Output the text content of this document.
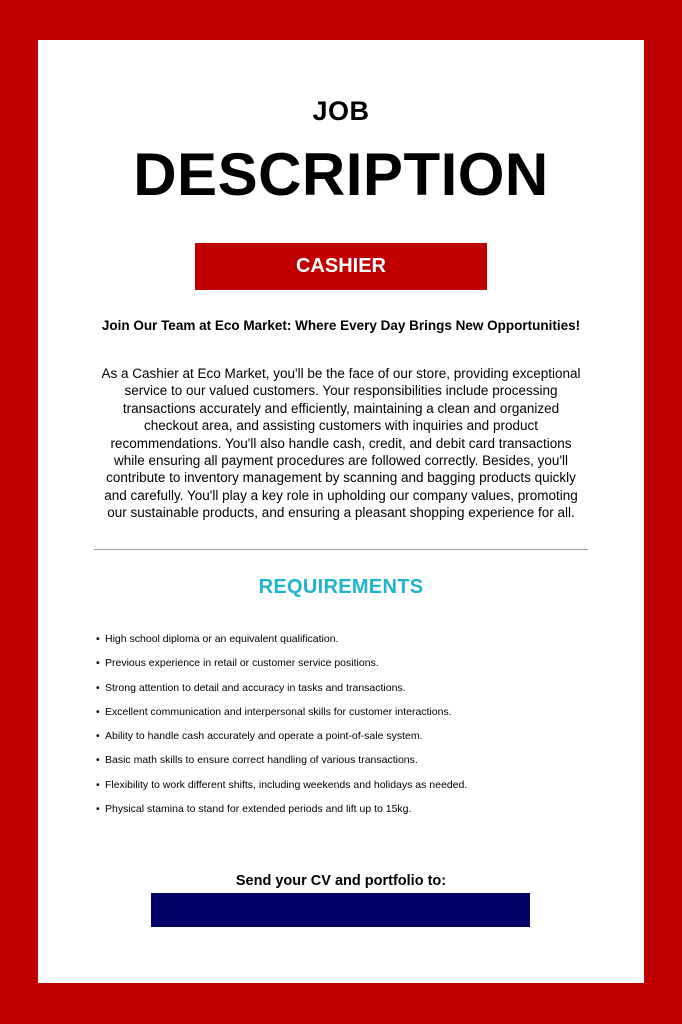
JOB
DESCRIPTION
CASHIER
Join Our Team at Eco Market: Where Every Day Brings New Opportunities!

As a Cashier at Eco Market, you'll be the face of our store, providing exceptional service to our valued customers. Your responsibilities include processing transactions accurately and efficiently, maintaining a clean and organized checkout area, and assisting customers with inquiries and product recommendations. You'll also handle cash, credit, and debit card transactions while ensuring all payment procedures are followed correctly. Besides, you'll contribute to inventory management by scanning and bagging products quickly and carefully. You'll play a key role in upholding our company values, promoting our sustainable products, and ensuring a pleasant shopping experience for all.

REQUIREMENTS
• High school diploma or an equivalent qualification.
• Previous experience in retail or customer service positions.
• Strong attention to detail and accuracy in tasks and transactions.
• Excellent communication and interpersonal skills for customer interactions.
• Ability to handle cash accurately and operate a point-of-sale system.
• Basic math skills to ensure correct handling of various transactions.
• Flexibility to work different shifts, including weekends and holidays as needed.
• Physical stamina to stand for extended periods and lift up to 15kg.
Send your CV and portfolio to:
